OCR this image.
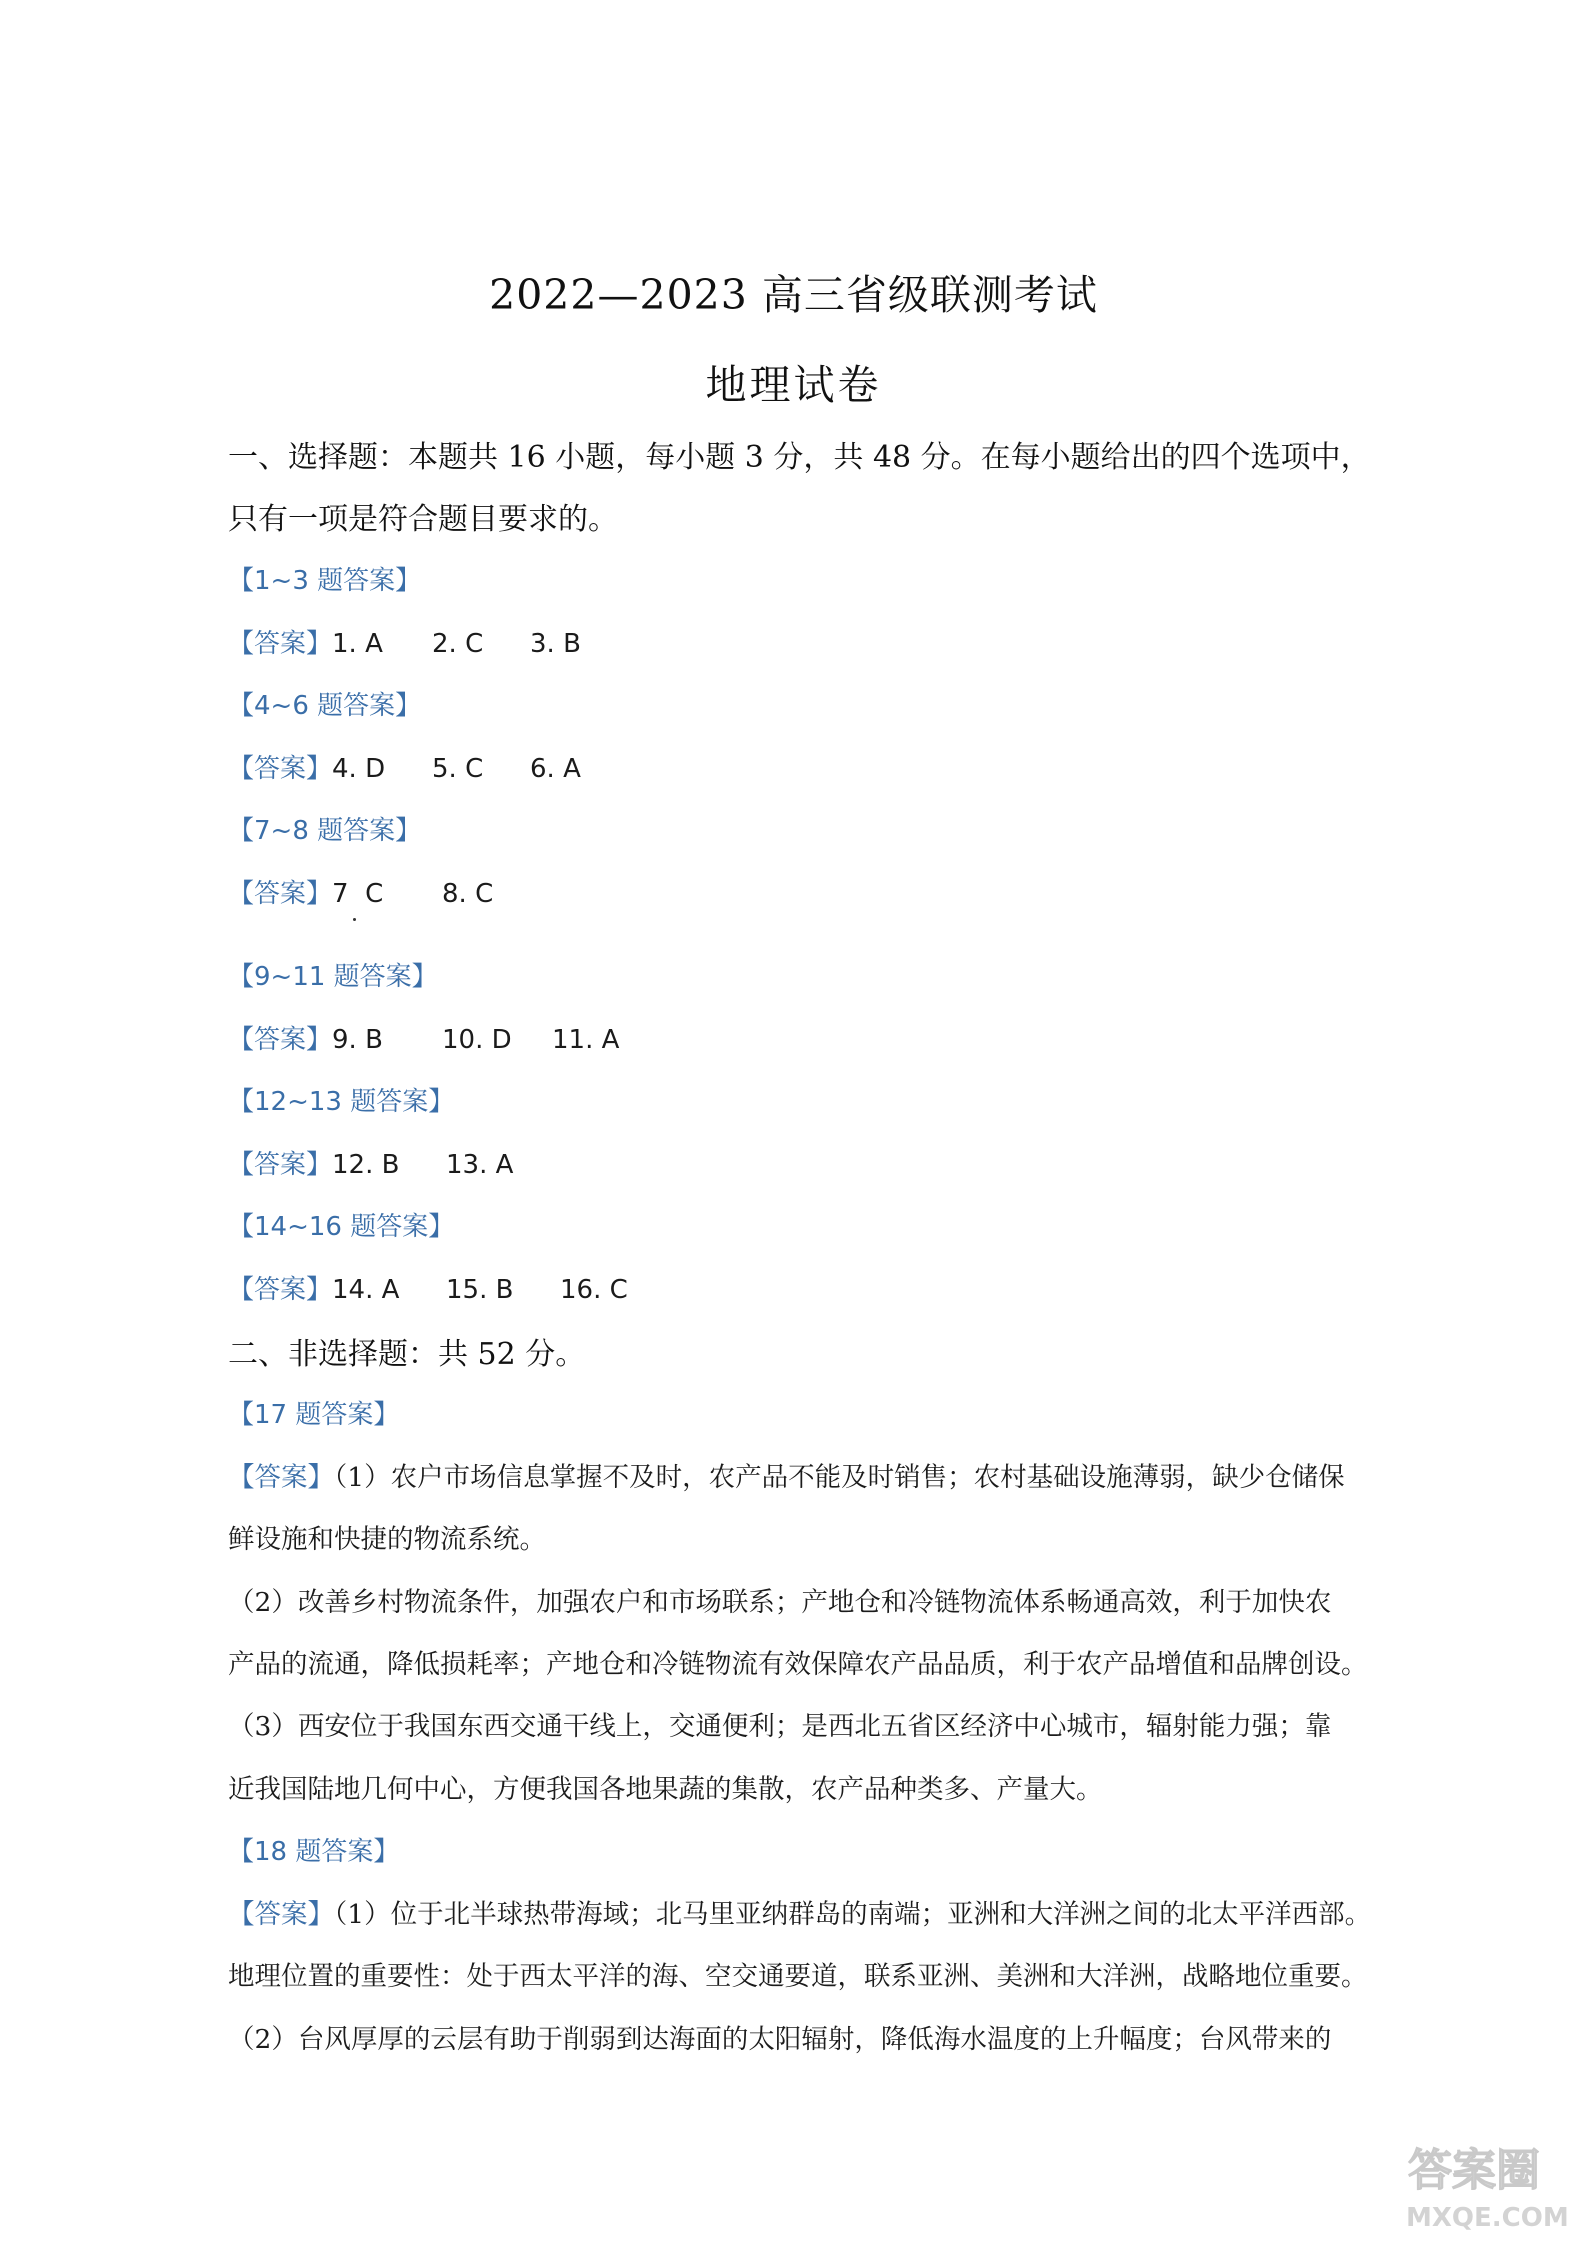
2022—2023 高三省级联测考试
地理试卷
一、选择题：本题共 16 小题，每小题 3 分，共 48 分。在每小题给出的四个选项中，
只有一项是符合题目要求的。
【1~3 题答案】
【答案】1. A 2. C 3. B
【4~6 题答案】
【答案】4. D 5. C 6. A
【7~8 题答案】
【答案】7  C 8. C
【9~11 题答案】
【答案】9. B 10. D 11. A
【12~13 题答案】
【答案】12. B 13. A
【14~16 题答案】
【答案】14. A 15. B 16. C
二、非选择题：共 52 分。
【17 题答案】
【答案】（1）农户市场信息掌握不及时，农产品不能及时销售；农村基础设施薄弱，缺少仓储保
鲜设施和快捷的物流系统。
（2）改善乡村物流条件，加强农户和市场联系；产地仓和冷链物流体系畅通高效，利于加快农
产品的流通，降低损耗率；产地仓和冷链物流有效保障农产品品质，利于农产品增值和品牌创设。
（3）西安位于我国东西交通干线上，交通便利；是西北五省区经济中心城市，辐射能力强；靠
近我国陆地几何中心，方便我国各地果蔬的集散，农产品种类多、产量大。
【18 题答案】
【答案】（1）位于北半球热带海域；北马里亚纳群岛的南端；亚洲和大洋洲之间的北太平洋西部。
地理位置的重要性：处于西太平洋的海、空交通要道，联系亚洲、美洲和大洋洲，战略地位重要。
（2）台风厚厚的云层有助于削弱到达海面的太阳辐射，降低海水温度的上升幅度；台风带来的
答案圈
MXQE.COM
